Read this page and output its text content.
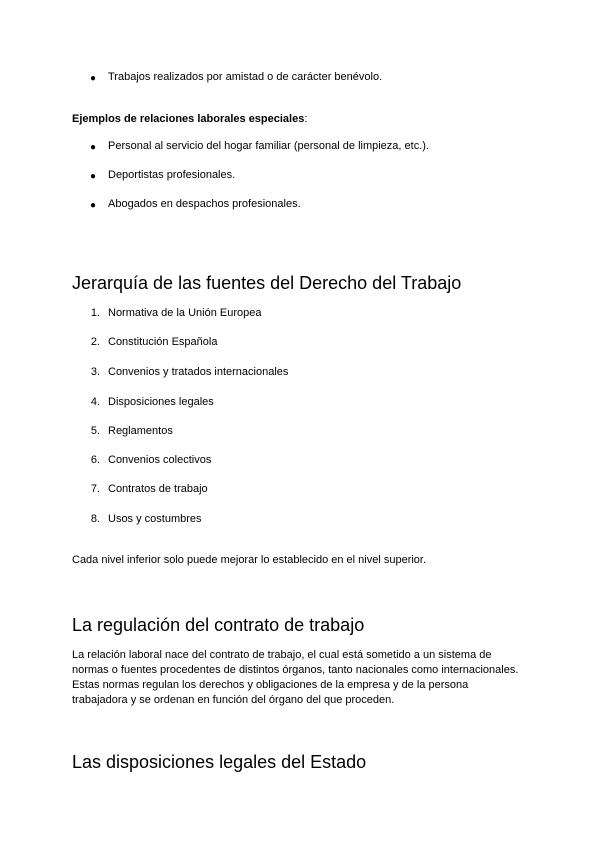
● Trabajos realizados por amistad o de carácter benévolo.
Ejemplos de relaciones laborales especiales:
● Personal al servicio del hogar familiar (personal de limpieza, etc.).
● Deportistas profesionales.
● Abogados en despachos profesionales.
Jerarquía de las fuentes del Derecho del Trabajo
1. Normativa de la Unión Europea
2. Constitución Española
3. Convenios y tratados internacionales
4. Disposiciones legales
5. Reglamentos
6. Convenios colectivos
7. Contratos de trabajo
8. Usos y costumbres

Cada nivel inferior solo puede mejorar lo establecido en el nivel superior.

La regulación del contrato de trabajo
La relación laboral nace del contrato de trabajo, el cual está sometido a un sistema de
normas o fuentes procedentes de distintos órganos, tanto nacionales como internacionales.
Estas normas regulan los derechos y obligaciones de la empresa y de la persona
trabajadora y se ordenan en función del órgano del que proceden.
Las disposiciones legales del Estado
